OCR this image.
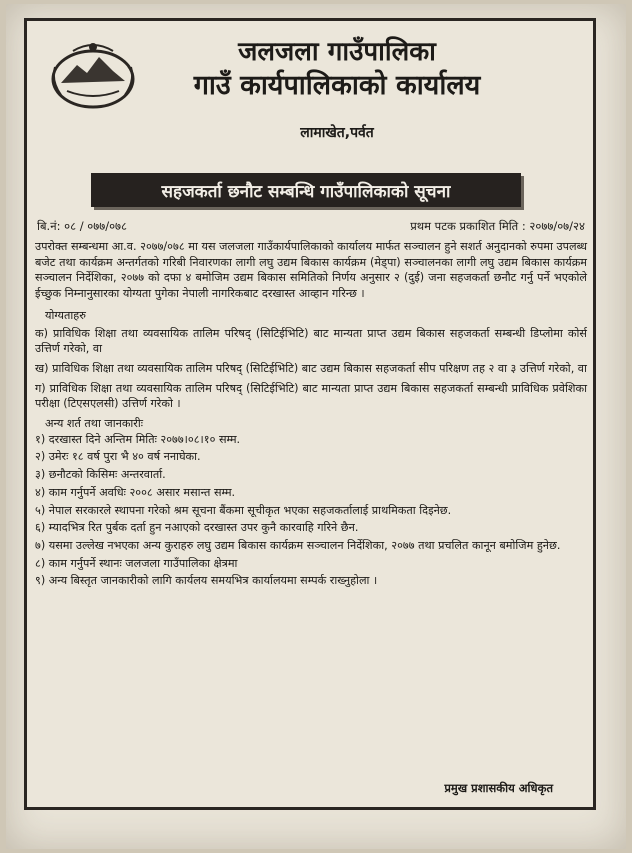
जलजला गाउँपालिका
गाउँ कार्यपालिकाको कार्यालय
लामाखेत,पर्वत
सहजकर्ता छनौट सम्बन्धि गाउँपालिकाको सूचना
बि.नं: ०८ / ०७७/०७८	प्रथम पटक प्रकाशित मिति : २०७७/०७/२४

उपरोक्त सम्बन्धमा आ.व. २०७७/०७८ मा यस जलजला गाउँकार्यपालिकाको कार्यालय मार्फत सञ्चालन हुने सशर्त अनुदानको रुपमा उपलब्ध बजेट तथा कार्यक्रम अन्तर्गतको गरिबी निवारणका लागी लघु उद्यम बिकास कार्यक्रम (मेड्पा) सञ्चालनका लागी लघु उद्यम बिकास कार्यक्रम सञ्चालन निर्देशिका, २०७७ को दफा ४ बमोजिम उद्यम बिकास समितिको निर्णय अनुसार २ (दुई) जना सहजकर्ता छनौट गर्नु पर्ने भएकोले ईच्छुक निम्नानुसारका योग्यता पुगेका नेपाली नागरिकबाट दरखास्त आव्हान गरिन्छ ।

योग्यताहरु

क) प्राविधिक शिक्षा तथा व्यवसायिक तालिम परिषद् (सिटिईभिटि) बाट मान्यता प्राप्त उद्यम बिकास सहजकर्ता सम्बन्धी डिप्लोमा कोर्स उत्तिर्ण गरेको, वा

ख) प्राविधिक शिक्षा तथा व्यवसायिक तालिम परिषद् (सिटिईभिटि) बाट उद्यम बिकास सहजकर्ता सीप परिक्षण तह २ वा ३ उत्तिर्ण गरेको, वा

ग) प्राविधिक शिक्षा तथा व्यवसायिक तालिम परिषद् (सिटिईभिटि) बाट मान्यता प्राप्त उद्यम बिकास सहजकर्ता सम्बन्धी प्राविधिक प्रवेशिका परीक्षा (टिएसएलसी) उत्तिर्ण गरेको ।

अन्य शर्त तथा जानकारीः

१) दरखास्त दिने अन्तिम मितिः २०७७।०८।१० सम्म.

२) उमेरः १८ वर्ष पुरा भै ४० वर्ष ननाघेका.

३) छनौटको किसिमः अन्तरवार्ता.

४) काम गर्नुपर्ने अवधिः २००८ असार मसान्त सम्म.

५) नेपाल सरकारले स्थापना गरेको श्रम सूचना बैंकमा सूचीकृत भएका सहजकर्तालाई प्राथमिकता दिइनेछ.

६) म्यादभित्र रित पुर्बक दर्ता हुन नआएको दरखास्त उपर कुनै कारवाहि गरिने छैन.

७) यसमा उल्लेख नभएका अन्य कुराहरु लघु उद्यम बिकास कार्यक्रम सञ्चालन निर्देशिका, २०७७ तथा प्रचलित कानून बमोजिम हुनेछ.

८) काम गर्नुपर्ने स्थानः जलजला गाउँपालिका क्षेत्रमा

९) अन्य बिस्तृत जानकारीको लागि कार्यलय समयभित्र कार्यालयमा सम्पर्क राख्नुहोला ।

प्रमुख प्रशासकीय अधिकृत
